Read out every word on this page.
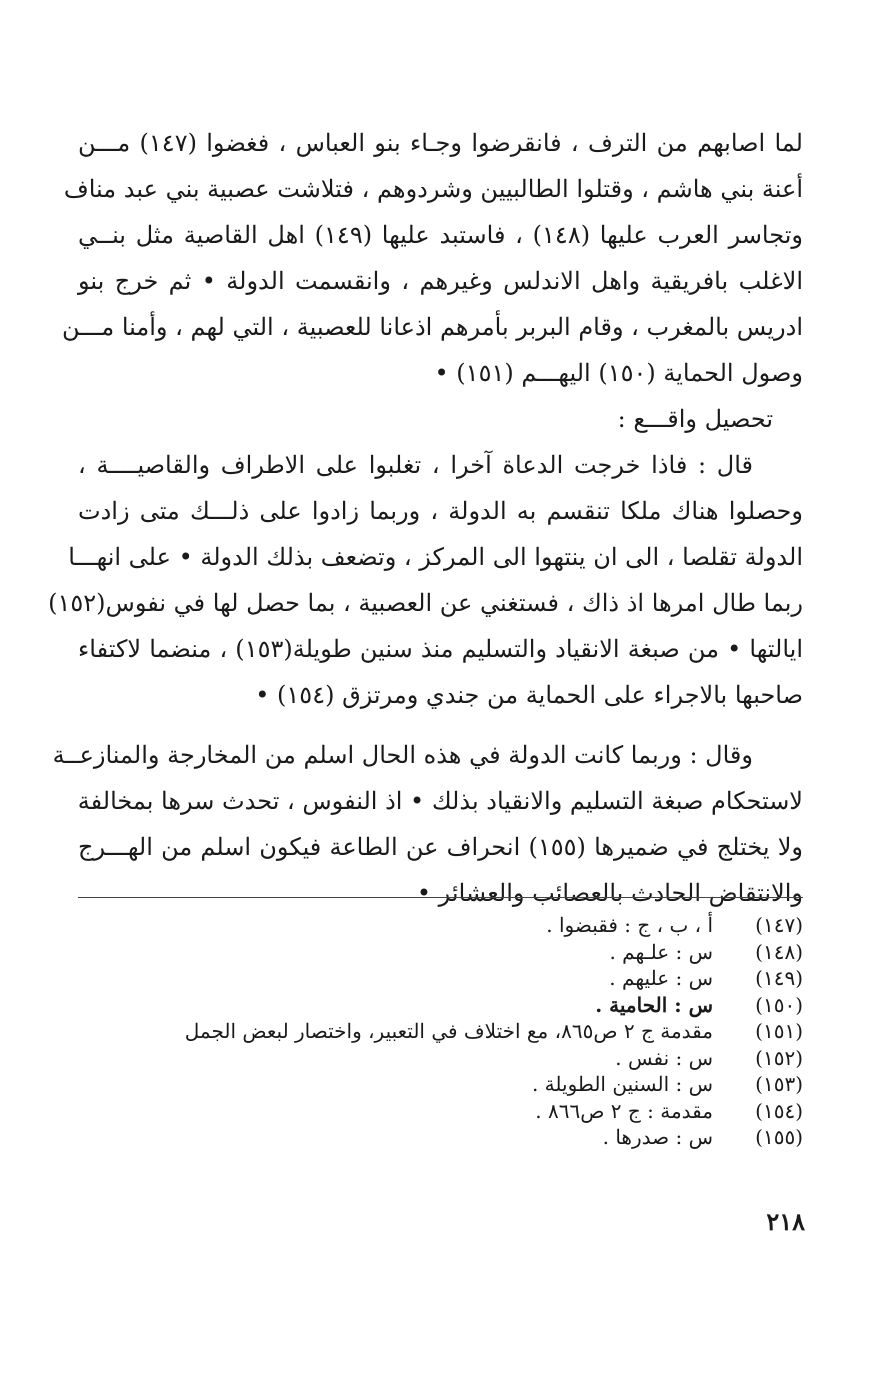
لما اصابهم من الترف ، فانقرضوا وجـاء بنو العباس ، فغضوا (١٤٧) مـــن
أعنة بني هاشم ، وقتلوا الطالبيين وشردوهم ، فتلاشت عصبية بني عبد مناف
وتجاسر العرب عليها (١٤٨) ، فاستبد عليها (١٤٩) اهل القاصية مثل بنــي
الاغلب بافريقية واهل الاندلس وغيرهم ، وانقسمت الدولة • ثم خرج بنو
ادريس بالمغرب ، وقام البربر بأمرهم اذعانا للعصبية ، التي لهم ، وأمنا مـــن
وصول الحماية (١٥٠) اليهـــم (١٥١) •
تحصيل واقـــع :
قال : فاذا خرجت الدعاة آخرا ، تغلبوا على الاطراف والقاصيــــة ،
وحصلوا هناك ملكا تنقسم به الدولة ، وربما زادوا على ذلـــك متى زادت
الدولة تقلصا ، الى ان ينتهوا الى المركز ، وتضعف بذلك الدولة • على انهـــا
ربما طال امرها اذ ذاك ، فستغني عن العصبية ، بما حصل لها في نفوس(١٥٢)
ايالتها • من صبغة الانقياد والتسليم منذ سنين طويلة(١٥٣) ، منضما لاكتفاء
صاحبها بالاجراء على الحماية من جندي ومرتزق (١٥٤) •
وقال : وربما كانت الدولة في هذه الحال اسلم من المخارجة والمنازعــة
لاستحكام صبغة التسليم والانقياد بذلك • اذ النفوس ، تحدث سرها بمخالفة
ولا يختلج في ضميرها (١٥٥) انحراف عن الطاعة فيكون اسلم من الهـــرج
والانتقاض الحادث بالعصائب والعشائر •
(١٤٧)
أ ، ب ، ج : فقبضوا .
(١٤٨)
س : علـهم .
(١٤٩)
س : عليهم .
(١٥٠)
س : الحامية .
(١٥١)
مقدمة ج ٢ ص٨٦٥، مع اختلاف في التعبير، واختصار لبعض الجمل
(١٥٢)
س : نفس .
(١٥٣)
س : السنين الطويلة .
(١٥٤)
مقدمة : ج ٢ ص٨٦٦ .
(١٥٥)
س : صدرها .
٢١٨
